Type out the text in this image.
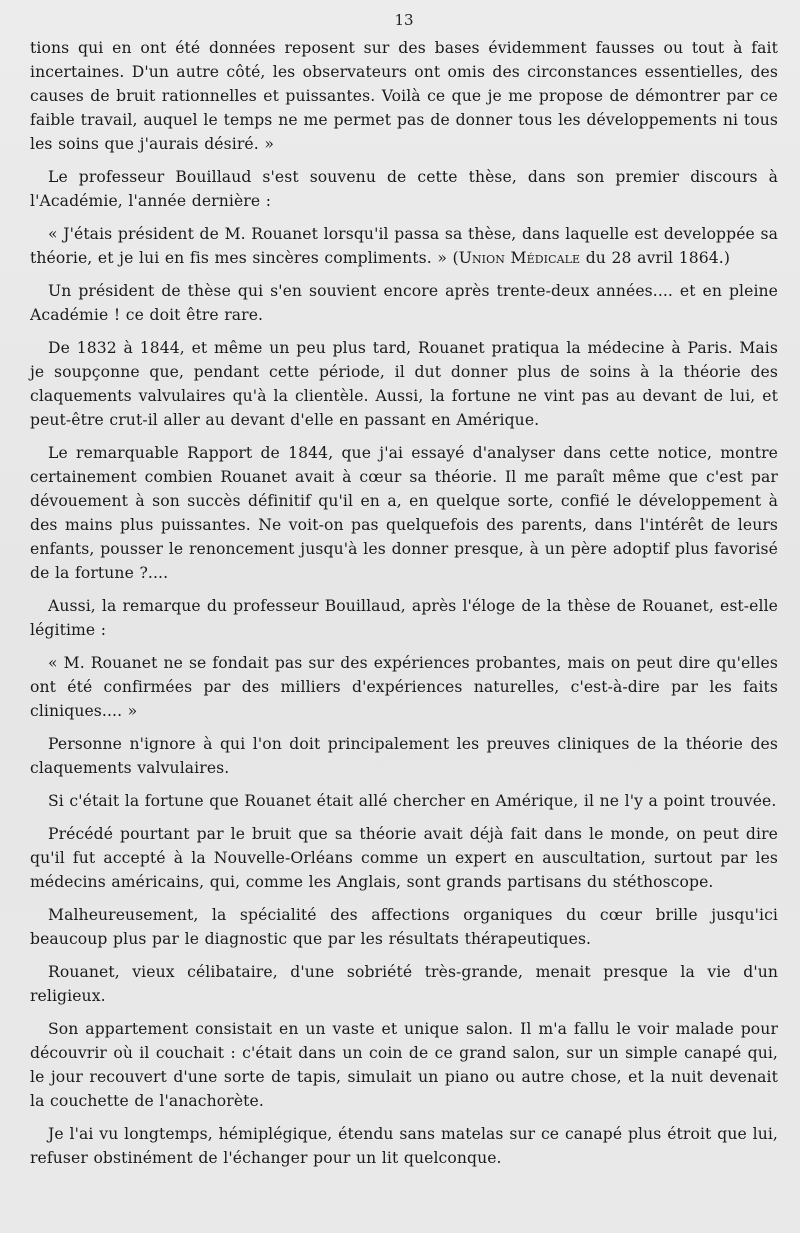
13

tions qui en ont été données reposent sur des bases évidemment fausses ou tout à fait incertaines. D'un autre côté, les observateurs ont omis des circonstances essentielles, des causes de bruit rationnelles et puissantes. Voilà ce que je me propose de démontrer par ce faible travail, auquel le temps ne me permet pas de donner tous les développements ni tous les soins que j'aurais désiré. »

Le professeur Bouillaud s'est souvenu de cette thèse, dans son premier discours à l'Académie, l'année dernière :

« J'étais président de M. Rouanet lorsqu'il passa sa thèse, dans laquelle est developpée sa théorie, et je lui en fis mes sincères compliments. » (Union Médicale du 28 avril 1864.)

Un président de thèse qui s'en souvient encore après trente-deux années.... et en pleine Académie ! ce doit être rare.

De 1832 à 1844, et même un peu plus tard, Rouanet pratiqua la médecine à Paris. Mais je soupçonne que, pendant cette période, il dut donner plus de soins à la théorie des claquements valvulaires qu'à la clientèle. Aussi, la fortune ne vint pas au devant de lui, et peut-être crut-il aller au devant d'elle en passant en Amérique.

Le remarquable Rapport de 1844, que j'ai essayé d'analyser dans cette notice, montre certainement combien Rouanet avait à cœur sa théorie. Il me paraît même que c'est par dévouement à son succès définitif qu'il en a, en quelque sorte, confié le développement à des mains plus puissantes. Ne voit-on pas quelquefois des parents, dans l'intérêt de leurs enfants, pousser le renoncement jusqu'à les donner presque, à un père adoptif plus favorisé de la fortune ?....

Aussi, la remarque du professeur Bouillaud, après l'éloge de la thèse de Rouanet, est-elle légitime :

« M. Rouanet ne se fondait pas sur des expériences probantes, mais on peut dire qu'elles ont été confirmées par des milliers d'expériences naturelles, c'est-à-dire par les faits cliniques.... »

Personne n'ignore à qui l'on doit principalement les preuves cliniques de la théorie des claquements valvulaires.

Si c'était la fortune que Rouanet était allé chercher en Amérique, il ne l'y a point trouvée.

Précédé pourtant par le bruit que sa théorie avait déjà fait dans le monde, on peut dire qu'il fut accepté à la Nouvelle-Orléans comme un expert en auscultation, surtout par les médecins américains, qui, comme les Anglais, sont grands partisans du stéthoscope.

Malheureusement, la spécialité des affections organiques du cœur brille jusqu'ici beaucoup plus par le diagnostic que par les résultats thérapeutiques.

Rouanet, vieux célibataire, d'une sobriété très-grande, menait presque la vie d'un religieux.

Son appartement consistait en un vaste et unique salon. Il m'a fallu le voir malade pour découvrir où il couchait : c'était dans un coin de ce grand salon, sur un simple canapé qui, le jour recouvert d'une sorte de tapis, simulait un piano ou autre chose, et la nuit devenait la couchette de l'anachorète.

Je l'ai vu longtemps, hémiplégique, étendu sans matelas sur ce canapé plus étroit que lui, refuser obstinément de l'échanger pour un lit quelconque.
